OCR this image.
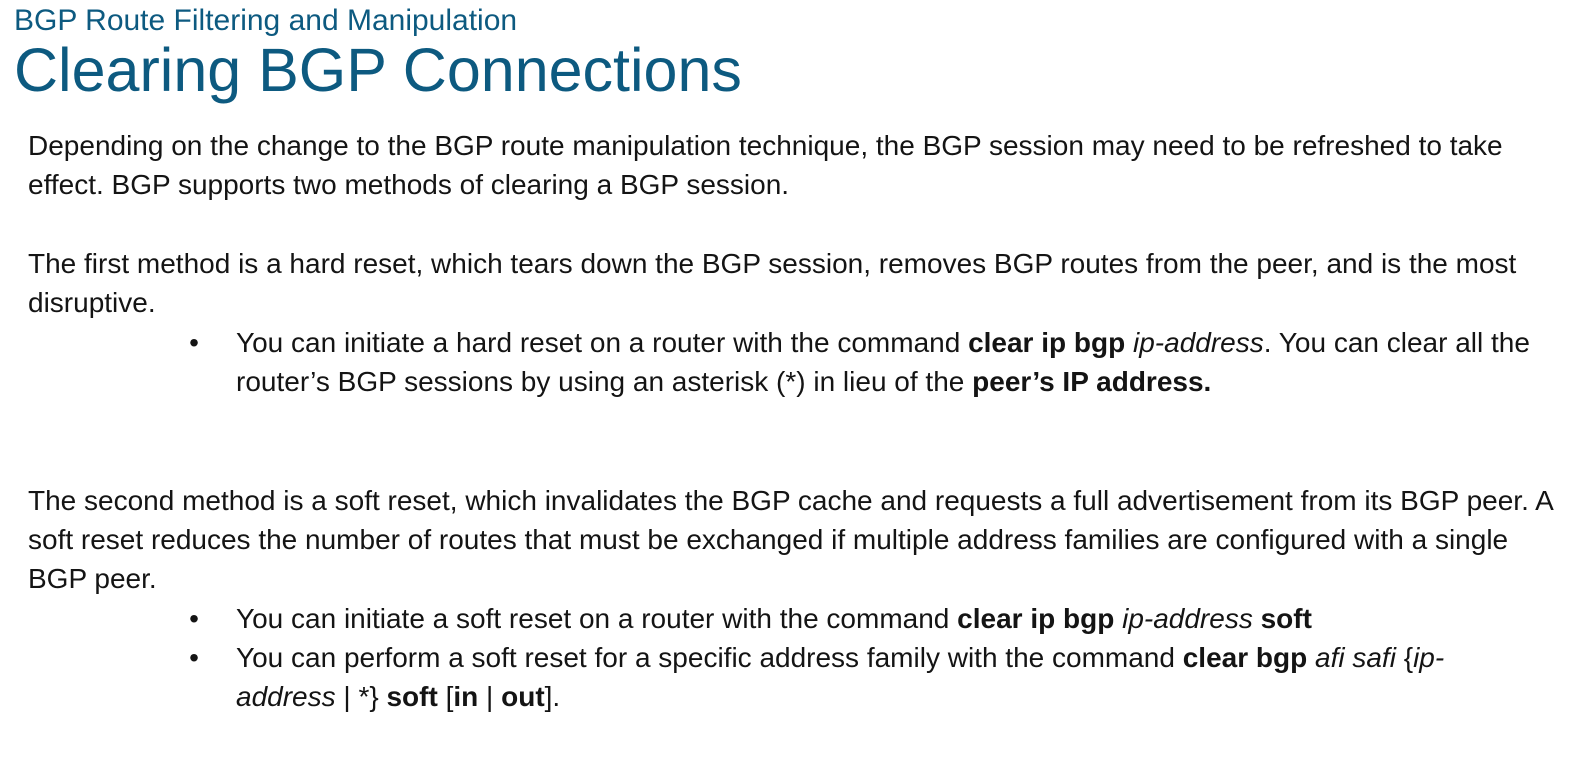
BGP Route Filtering and Manipulation
Clearing BGP Connections
Depending on the change to the BGP route manipulation technique, the BGP session may need to be refreshed to take effect. BGP supports two methods of clearing a BGP session.
The first method is a hard reset, which tears down the BGP session, removes BGP routes from the peer, and is the most disruptive.
• You can initiate a hard reset on a router with the command clear ip bgp ip-address. You can clear all the router’s BGP sessions by using an asterisk (*) in lieu of the peer’s IP address.
The second method is a soft reset, which invalidates the BGP cache and requests a full advertisement from its BGP peer. A soft reset reduces the number of routes that must be exchanged if multiple address families are configured with a single BGP peer.
• You can initiate a soft reset on a router with the command clear ip bgp ip-address soft
• You can perform a soft reset for a specific address family with the command clear bgp afi safi {ip-address | *} soft [in | out].
